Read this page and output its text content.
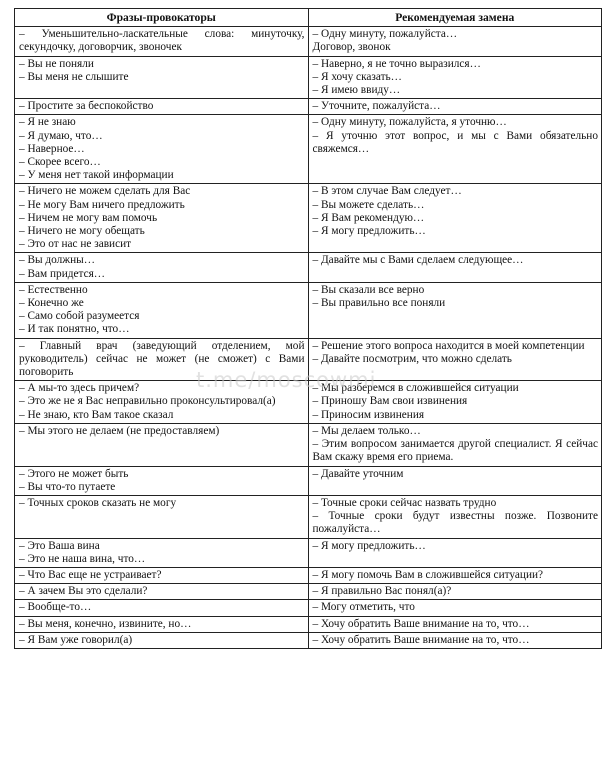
Фразы-провокаторы	Рекомендуемая замена

– Уменьшительно-ласкательные слова: минуточку, секундочку, договорчик, звоночек	– Одну минуту, пожалуйста…
Договор, звонок

– Вы не поняли
– Вы меня не слышите	– Наверно, я не точно выразился…
– Я хочу сказать…
– Я имею ввиду…

– Простите за беспокойство	– Уточните, пожалуйста…

– Я не знаю
– Я думаю, что…
– Наверное…
– Скорее всего…
– У меня нет такой информации	– Одну минуту, пожалуйста, я уточню…
– Я уточню этот вопрос, и мы с Вами обязательно свяжемся…

– Ничего не можем сделать для Вас
– Не могу Вам ничего предложить
– Ничем не могу вам помочь
– Ничего не могу обещать
– Это от нас не зависит	– В этом случае Вам следует…
– Вы можете сделать…
– Я Вам рекомендую…
– Я могу предложить…

– Вы должны…
– Вам придется…	– Давайте мы с Вами сделаем следующее…

– Естественно
– Конечно же
– Само собой разумеется
– И так понятно, что…	– Вы сказали все верно
– Вы правильно все поняли

– Главный врач (заведующий отделением, мой руководитель) сейчас не может (не сможет) с Вами поговорить	– Решение этого вопроса находится в моей компетенции
– Давайте посмотрим, что можно сделать

– А мы-то здесь причем?
– Это же не я Вас неправильно проконсультировал(а)
– Не знаю, кто Вам такое сказал	– Мы разберемся в сложившейся ситуации
– Приношу Вам свои извинения
– Приносим извинения

– Мы этого не делаем (не предоставляем)	– Мы делаем только…
– Этим вопросом занимается другой специалист. Я сейчас Вам скажу время его приема.

– Этого не может быть
– Вы что-то путаете	– Давайте уточним

– Точных сроков сказать не могу	– Точные сроки сейчас назвать трудно
– Точные сроки будут известны позже. Позвоните пожалуйста…

– Это Ваша вина
– Это не наша вина, что…	– Я могу предложить…

– Что Вас еще не устраивает?	– Я могу помочь Вам в сложившейся ситуации?

– А зачем Вы это сделали?	– Я правильно Вас понял(а)?

– Вообще-то…	– Могу отметить, что

– Вы меня, конечно, извините, но…	– Хочу обратить Ваше внимание на то, что…

– Я Вам уже говорил(а)	– Хочу обратить Ваше внимание на то, что…
t.me/moscowmi
